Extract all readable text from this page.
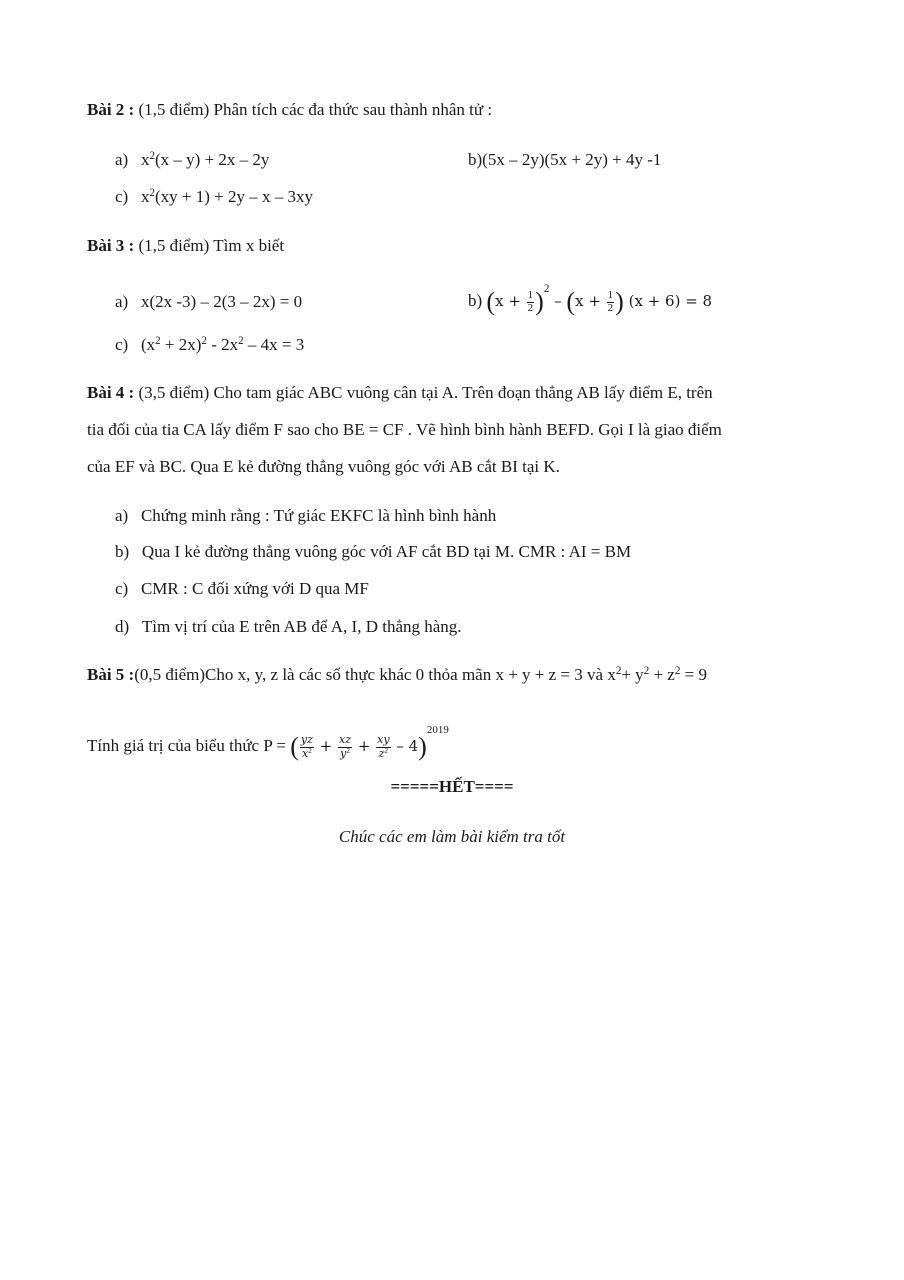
Bài 2 : (1,5 điểm) Phân tích các đa thức sau thành nhân tử :
a) $x^2(x - y) + 2x - 2y$	b)(5x – 2y)(5x + 2y) + 4y -1
c) $x^2(xy + 1) + 2y - x - 3xy$
Bài 3 : (1,5 điểm) Tìm x biết
a) x(2x -3) – 2(3 – 2x) = 0	b) $(x + \frac{1}{2} )^2 - (x + \frac{1}{2}$ ) (x + 6) = 8
c) $(x^2 + 2x)^2 - 2x^2 - 4x = 3$
Bài 4 : (3,5 điểm) Cho tam giác ABC vuông cân tại A. Trên đoạn thẳng AB lấy điểm E, trên
tia đối của tia CA lấy điểm F sao cho BE = CF . Vẽ hình bình hành BEFD. Gọi I là giao điểm
của EF và BC. Qua E kẻ đường thẳng vuông góc với AB cắt BI tại K.
a) Chứng minh rằng : Tứ giác EKFC là hình bình hành
b) Qua I kẻ đường thẳng vuông góc với AF cắt BD tại M. CMR : AI = BM
c) CMR : C đối xứng với D qua MF
d) Tìm vị trí của E trên AB để A, I, D thẳng hàng.
Bài 5 :(0,5 điểm)Cho x, y, z là các số thực khác 0 thỏa mãn x + y + z = 3 và $x^2+ y^2 + z^2 = 9$
Tính giá trị của biểu thức P = ( $\frac{yz}{x^2} + \frac{xz}{y^2} + \frac{xy}{z^2} - 4)^{2019}$
=====HẾT====
Chúc các em làm bài kiểm tra tốt
